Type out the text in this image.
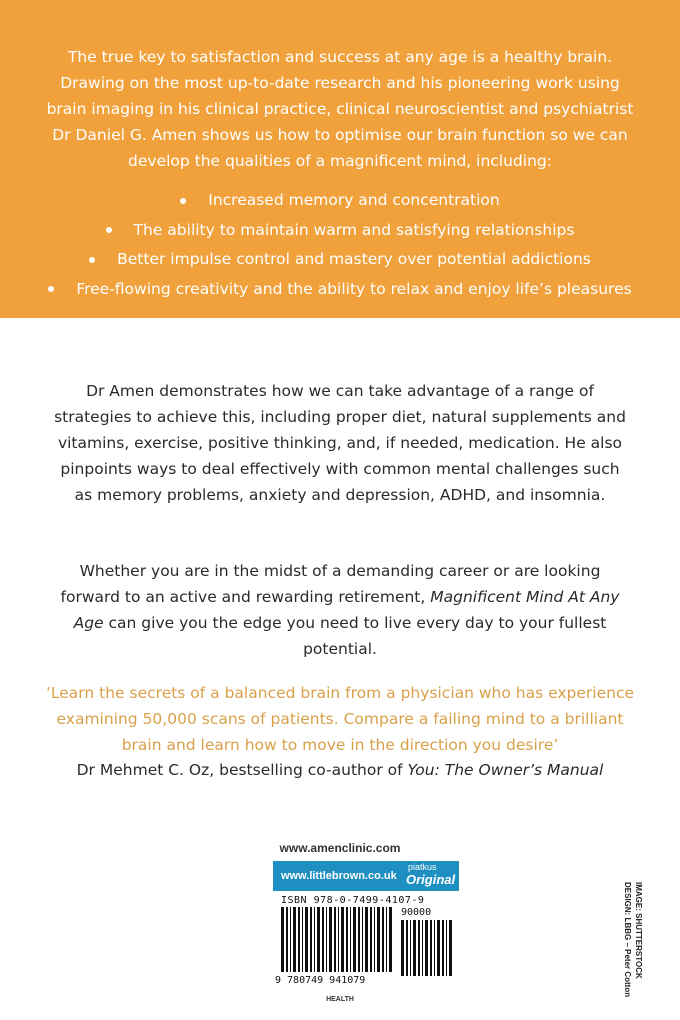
The true key to satisfaction and success at any age is a healthy brain. Drawing on the most up-to-date research and his pioneering work using brain imaging in his clinical practice, clinical neuroscientist and psychiatrist Dr Daniel G. Amen shows us how to optimise our brain function so we can develop the qualities of a magnificent mind, including:

Increased memory and concentration
The ability to maintain warm and satisfying relationships
Better impulse control and mastery over potential addictions
Free-flowing creativity and the ability to relax and enjoy life’s pleasures

Dr Amen demonstrates how we can take advantage of a range of strategies to achieve this, including proper diet, natural supplements and vitamins, exercise, positive thinking, and, if needed, medication. He also pinpoints ways to deal effectively with common mental challenges such as memory problems, anxiety and depression, ADHD, and insomnia.

Whether you are in the midst of a demanding career or are looking forward to an active and rewarding retirement, Magnificent Mind At Any Age can give you the edge you need to live every day to your fullest potential.

‘Learn the secrets of a balanced brain from a physician who has experience examining 50,000 scans of patients. Compare a failing mind to a brilliant brain and learn how to move in the direction you desire’

Dr Mehmet C. Oz, bestselling co-author of You: The Owner’s Manual

www.amenclinic.com
www.littlebrown.co.uk
piatkus
Original
ISBN 978-0-7499-4107-9
90000
9 780749 941079
HEALTH
IMAGE: SHUTTERSTOCK
DESIGN: LBBG – Peter Cotton
